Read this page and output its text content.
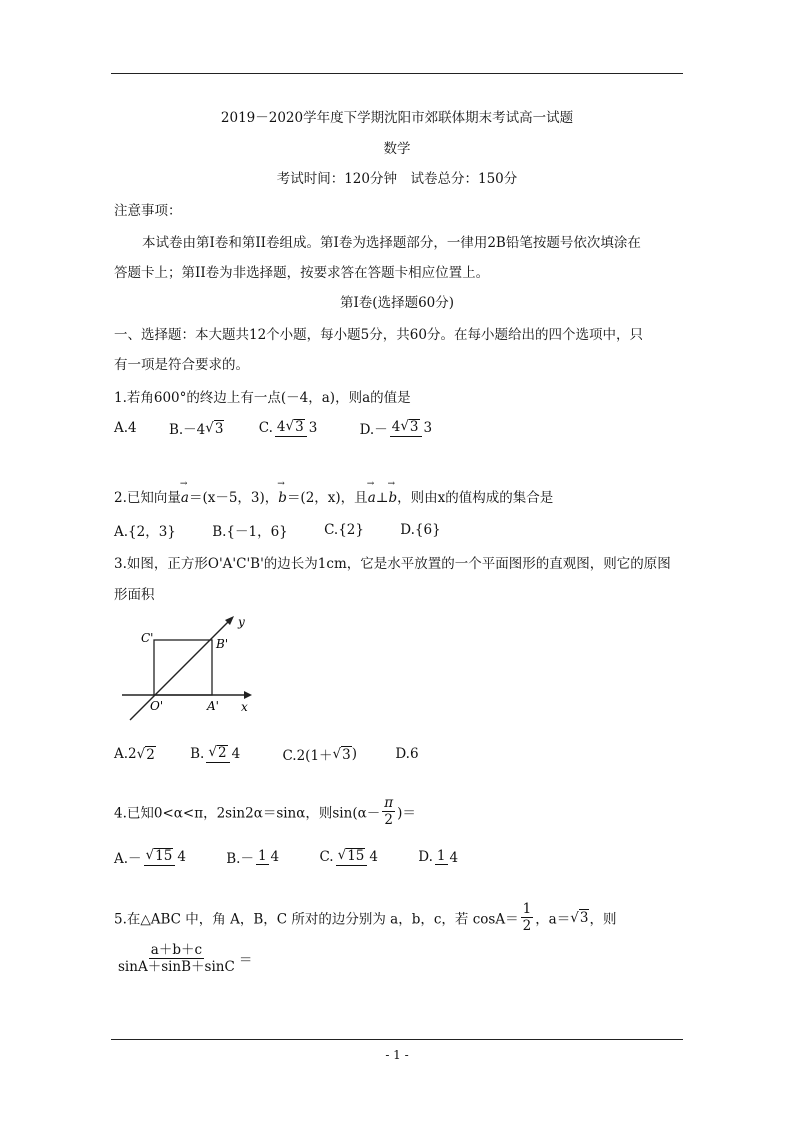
2019－2020学年度下学期沈阳市郊联体期末考试高一试题
数学
考试时间：120分钟　试卷总分：150分
注意事项：
本试卷由第I卷和第II卷组成。第I卷为选择题部分，一律用2B铅笔按题号依次填涂在
答题卡上；第II卷为非选择题，按要求答在答题卡相应位置上。
第I卷(选择题60分)
一、选择题：本大题共12个小题，每小题5分，共60分。在每小题给出的四个选项中，只
有一项是符合要求的。
1.若角600°的终边上有一点(－4，a)，则a的值是
A.4 B.－4√3	C. 4√3 3	D.－ 4√3 3
2.已知向量→ a＝(x－5，3)，→ b＝(2，x)，且→ a⊥→ b，则由x的值构成的集合是
A.{2，3}	B.{－1，6}	C.{2}	D.{6}
3.如图，正方形O'A'C'B'的边长为1cm，它是水平放置的一个平面图形的直观图，则它的原图
形面积
C'	B'
O'	A' x
y
A.2√2	B. √2 4	C.2(1＋√3)	D.6
4.已知0<α<π，2sin2α＝sinα，则$\sin(\alpha- \frac{\pi}{2}$ )＝
A.－ √15 4	B.－ 1 4	C. √15 4	D. 1 4
5.在△ABC 中，角 A，B，C 所对的边分别为 a，b，c，若 $\cos A= \frac{1}{2}$ ，a＝√3，则
$\frac{a+b+c}{\sin A+\sin B+\sin C}$ ＝
- 1 -
